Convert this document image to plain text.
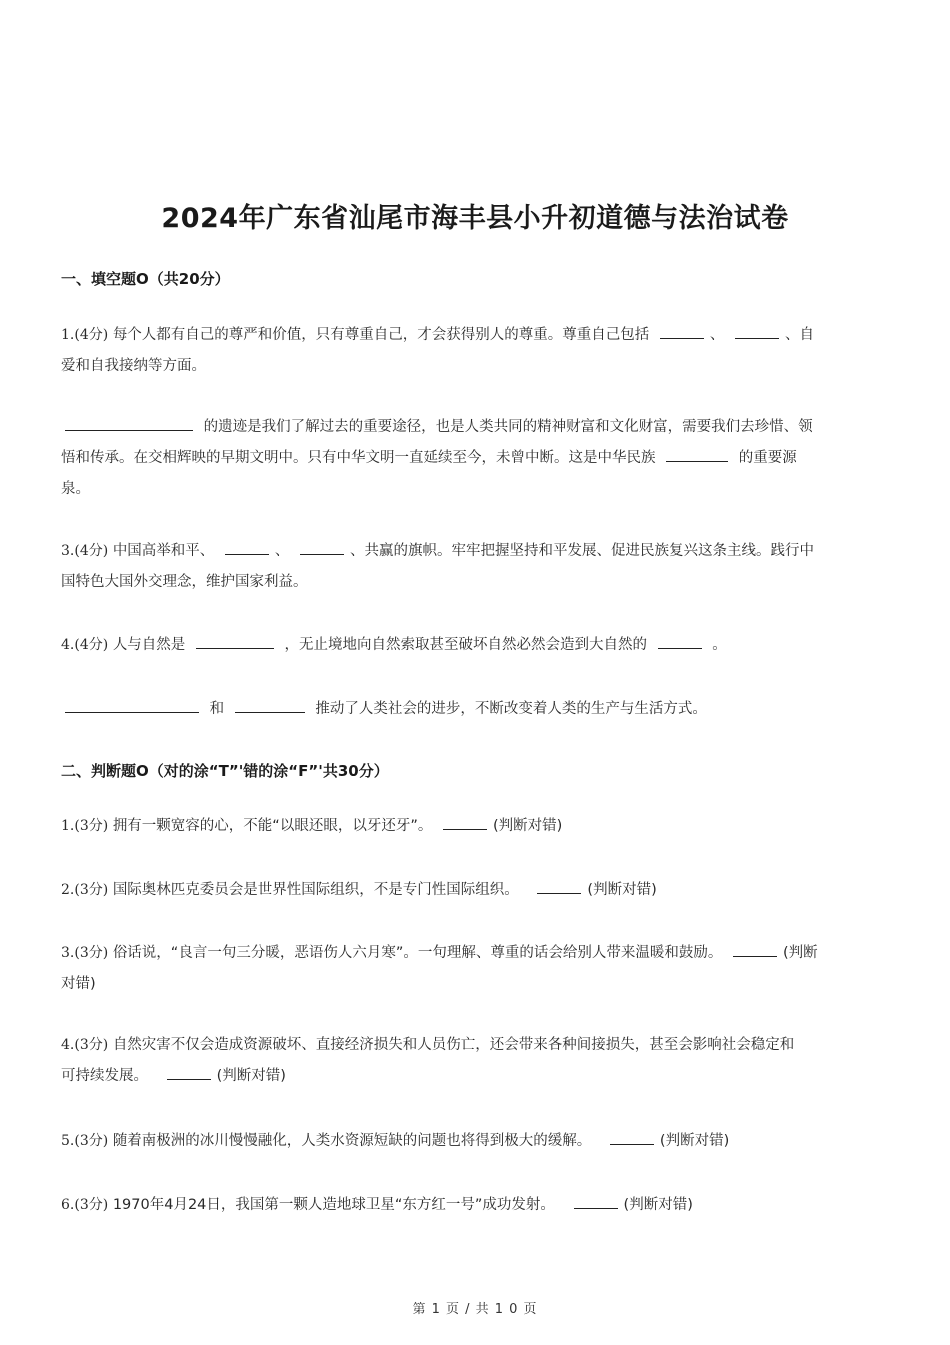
2024年广东省汕尾市海丰县小升初道德与法治试卷
一、填空题O（共20分）
1.(4分) 每个人都有自己的尊严和价值，只有尊重自己，才会获得别人的尊重。尊重自己包括	、	、自
爱和自我接纳等方面。
的遗迹是我们了解过去的重要途径，也是人类共同的精神财富和文化财富，需要我们去珍惜、领
悟和传承。在交相辉映的早期文明中。只有中华文明一直延续至今，未曾中断。这是中华民族	的重要源
泉。
3.(4分) 中国高举和平、	、	、共赢的旗帜。牢牢把握坚持和平发展、促进民族复兴这条主线。践行中
国特色大国外交理念，维护国家利益。
4.(4分) 人与自然是	，无止境地向自然索取甚至破坏自然必然会造到大自然的	。
和	推动了人类社会的进步，不断改变着人类的生产与生活方式。
二、判断题O（对的涂“T”'错的涂“F”'共30分）
1.(3分) 拥有一颗宽容的心，不能“以眼还眼，以牙还牙”。	(判断对错)
2.(3分) 国际奥林匹克委员会是世界性国际组织，不是专门性国际组织。	(判断对错)
3.(3分) 俗话说，“良言一句三分暖，恶语伤人六月寒”。一句理解、尊重的话会给别人带来温暖和鼓励。	(判断
对错)
4.(3分) 自然灾害不仅会造成资源破坏、直接经济损失和人员伤亡，还会带来各种间接损失，甚至会影响社会稳定和
可持续发展。	(判断对错)
5.(3分) 随着南极洲的冰川慢慢融化，人类水资源短缺的问题也将得到极大的缓解。	(判断对错)
6.(3分) 1970年4月24日，我国第一颗人造地球卫星“东方红一号”成功发射。	(判断对错)
第 1 页 / 共 1 0 页
